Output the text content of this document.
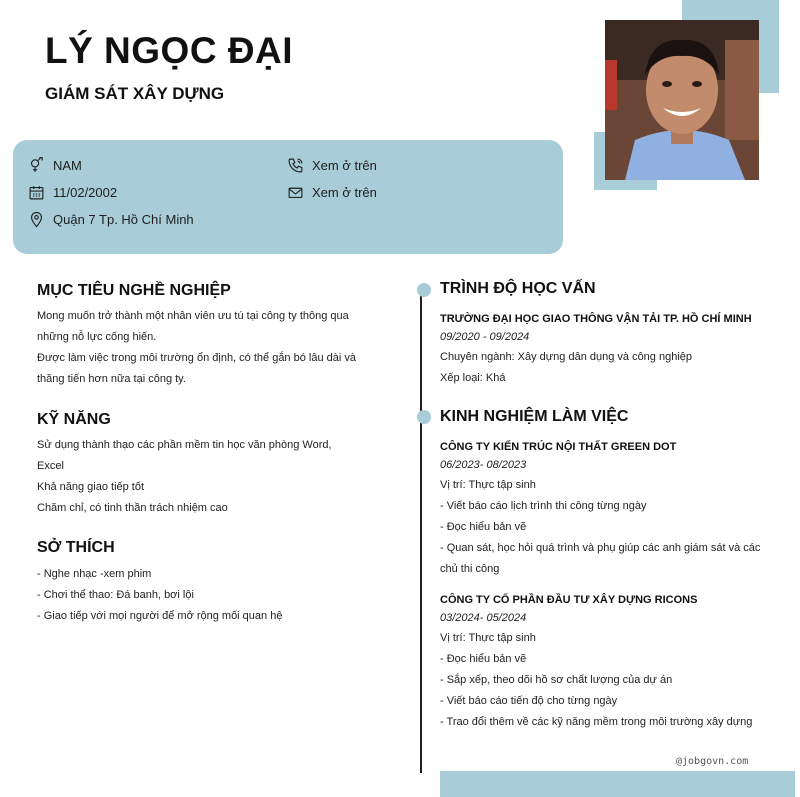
LÝ NGỌC ĐẠI
GIÁM SÁT XÂY DỰNG
NAM
11/02/2002
Quận 7 Tp. Hồ Chí Minh
Xem ở trên
Xem ở trên
MỤC TIÊU NGHỀ NGHIỆP

Mong muốn trở thành một nhân viên ưu tú tại công ty thông qua

những nỗ lực cống hiến.

Được làm việc trong môi trường ổn định, có thể gắn bó lâu dài và

thăng tiến hơn nữa tại công ty.

KỸ NĂNG

Sử dụng thành thạo các phần mềm tin học văn phòng Word,

Excel

Khả năng giao tiếp tốt

Chăm chỉ, có tinh thần trách nhiệm cao

SỞ THÍCH

- Nghe nhạc -xem phim

- Chơi thể thao: Đá banh, bơi lội

- Giao tiếp với mọi người để mở rộng mối quan hệ

TRÌNH ĐỘ HỌC VẤN

TRƯỜNG ĐẠI HỌC GIAO THÔNG VẬN TẢI TP. HỒ CHÍ MINH

09/2020 - 09/2024

Chuyên ngành: Xây dựng dân dụng và công nghiệp

Xếp loại: Khá

KINH NGHIỆM LÀM VIỆC

CÔNG TY KIẾN TRÚC NỘI THẤT GREEN DOT

06/2023- 08/2023

Vị trí: Thực tập sinh

- Viết báo cáo lịch trình thi công từng ngày

- Đọc hiểu bản vẽ

- Quan sát, học hỏi quá trình và phụ giúp các anh giám sát và các

chủ thi công

CÔNG TY CỔ PHẦN ĐẦU TƯ XÂY DỰNG RICONS

03/2024- 05/2024

Vị trí: Thực tập sinh

- Đọc hiểu bản vẽ

- Sắp xếp, theo dõi hồ sơ chất lượng của dự án

- Viết báo cáo tiến độ cho từng ngày

- Trao đổi thêm về các kỹ năng mềm trong môi trường xây dựng

@jobgovn.com
